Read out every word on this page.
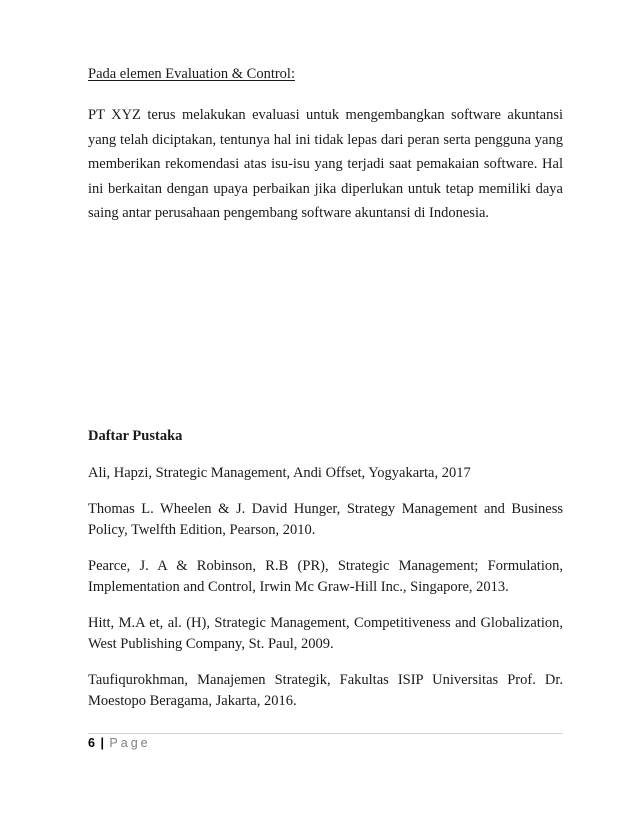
Pada elemen Evaluation & Control:

PT XYZ terus melakukan evaluasi untuk mengembangkan software akuntansi yang telah diciptakan, tentunya hal ini tidak lepas dari peran serta pengguna yang memberikan rekomendasi atas isu-isu yang terjadi saat pemakaian software. Hal ini berkaitan dengan upaya perbaikan jika diperlukan untuk tetap memiliki daya saing antar perusahaan pengembang software akuntansi di Indonesia.

Daftar Pustaka
Ali, Hapzi, Strategic Management, Andi Offset, Yogyakarta, 2017
Thomas L. Wheelen & J. David Hunger, Strategy Management and Business Policy, Twelfth Edition, Pearson, 2010.
Pearce, J. A & Robinson, R.B (PR), Strategic Management; Formulation, Implementation and Control, Irwin Mc Graw-Hill Inc., Singapore, 2013.
Hitt, M.A et, al. (H), Strategic Management, Competitiveness and Globalization, West Publishing Company, St. Paul, 2009.
Taufiqurokhman, Manajemen Strategik, Fakultas ISIP Universitas Prof. Dr. Moestopo Beragama, Jakarta, 2016.
6 | Page
